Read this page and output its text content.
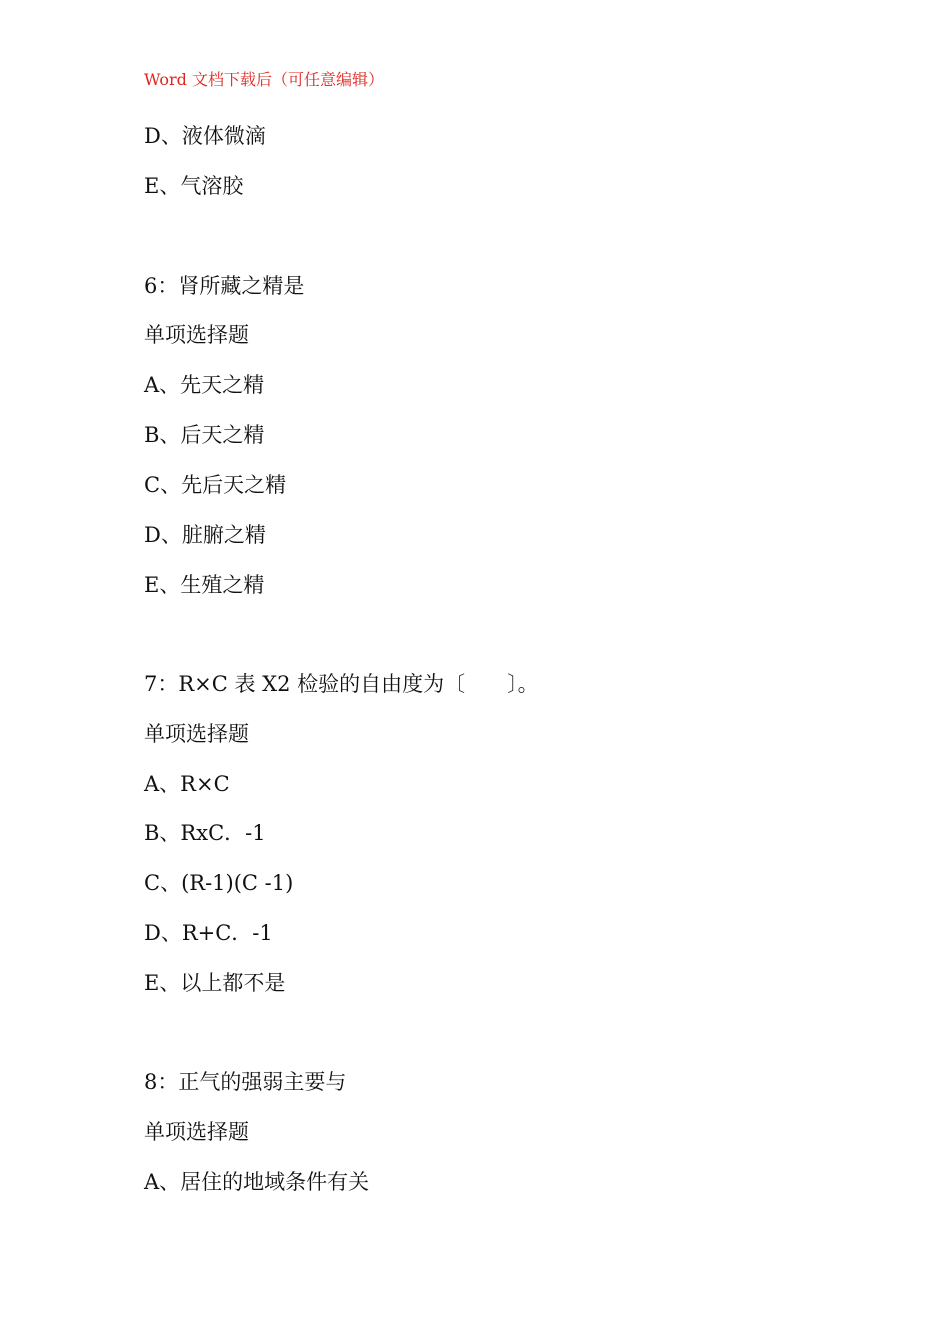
Word 文档下载后（可任意编辑）
D、液体微滴
E、气溶胶
6：肾所藏之精是
单项选择题
A、先天之精
B、后天之精
C、先后天之精
D、脏腑之精
E、生殖之精
7：R×C 表 X2 检验的自由度为〔　　〕。
单项选择题
A、R×C
B、RxC．-1
C、(R-1)(C -1)
D、R+C．-1
E、以上都不是
8：正气的强弱主要与
单项选择题
A、居住的地域条件有关
